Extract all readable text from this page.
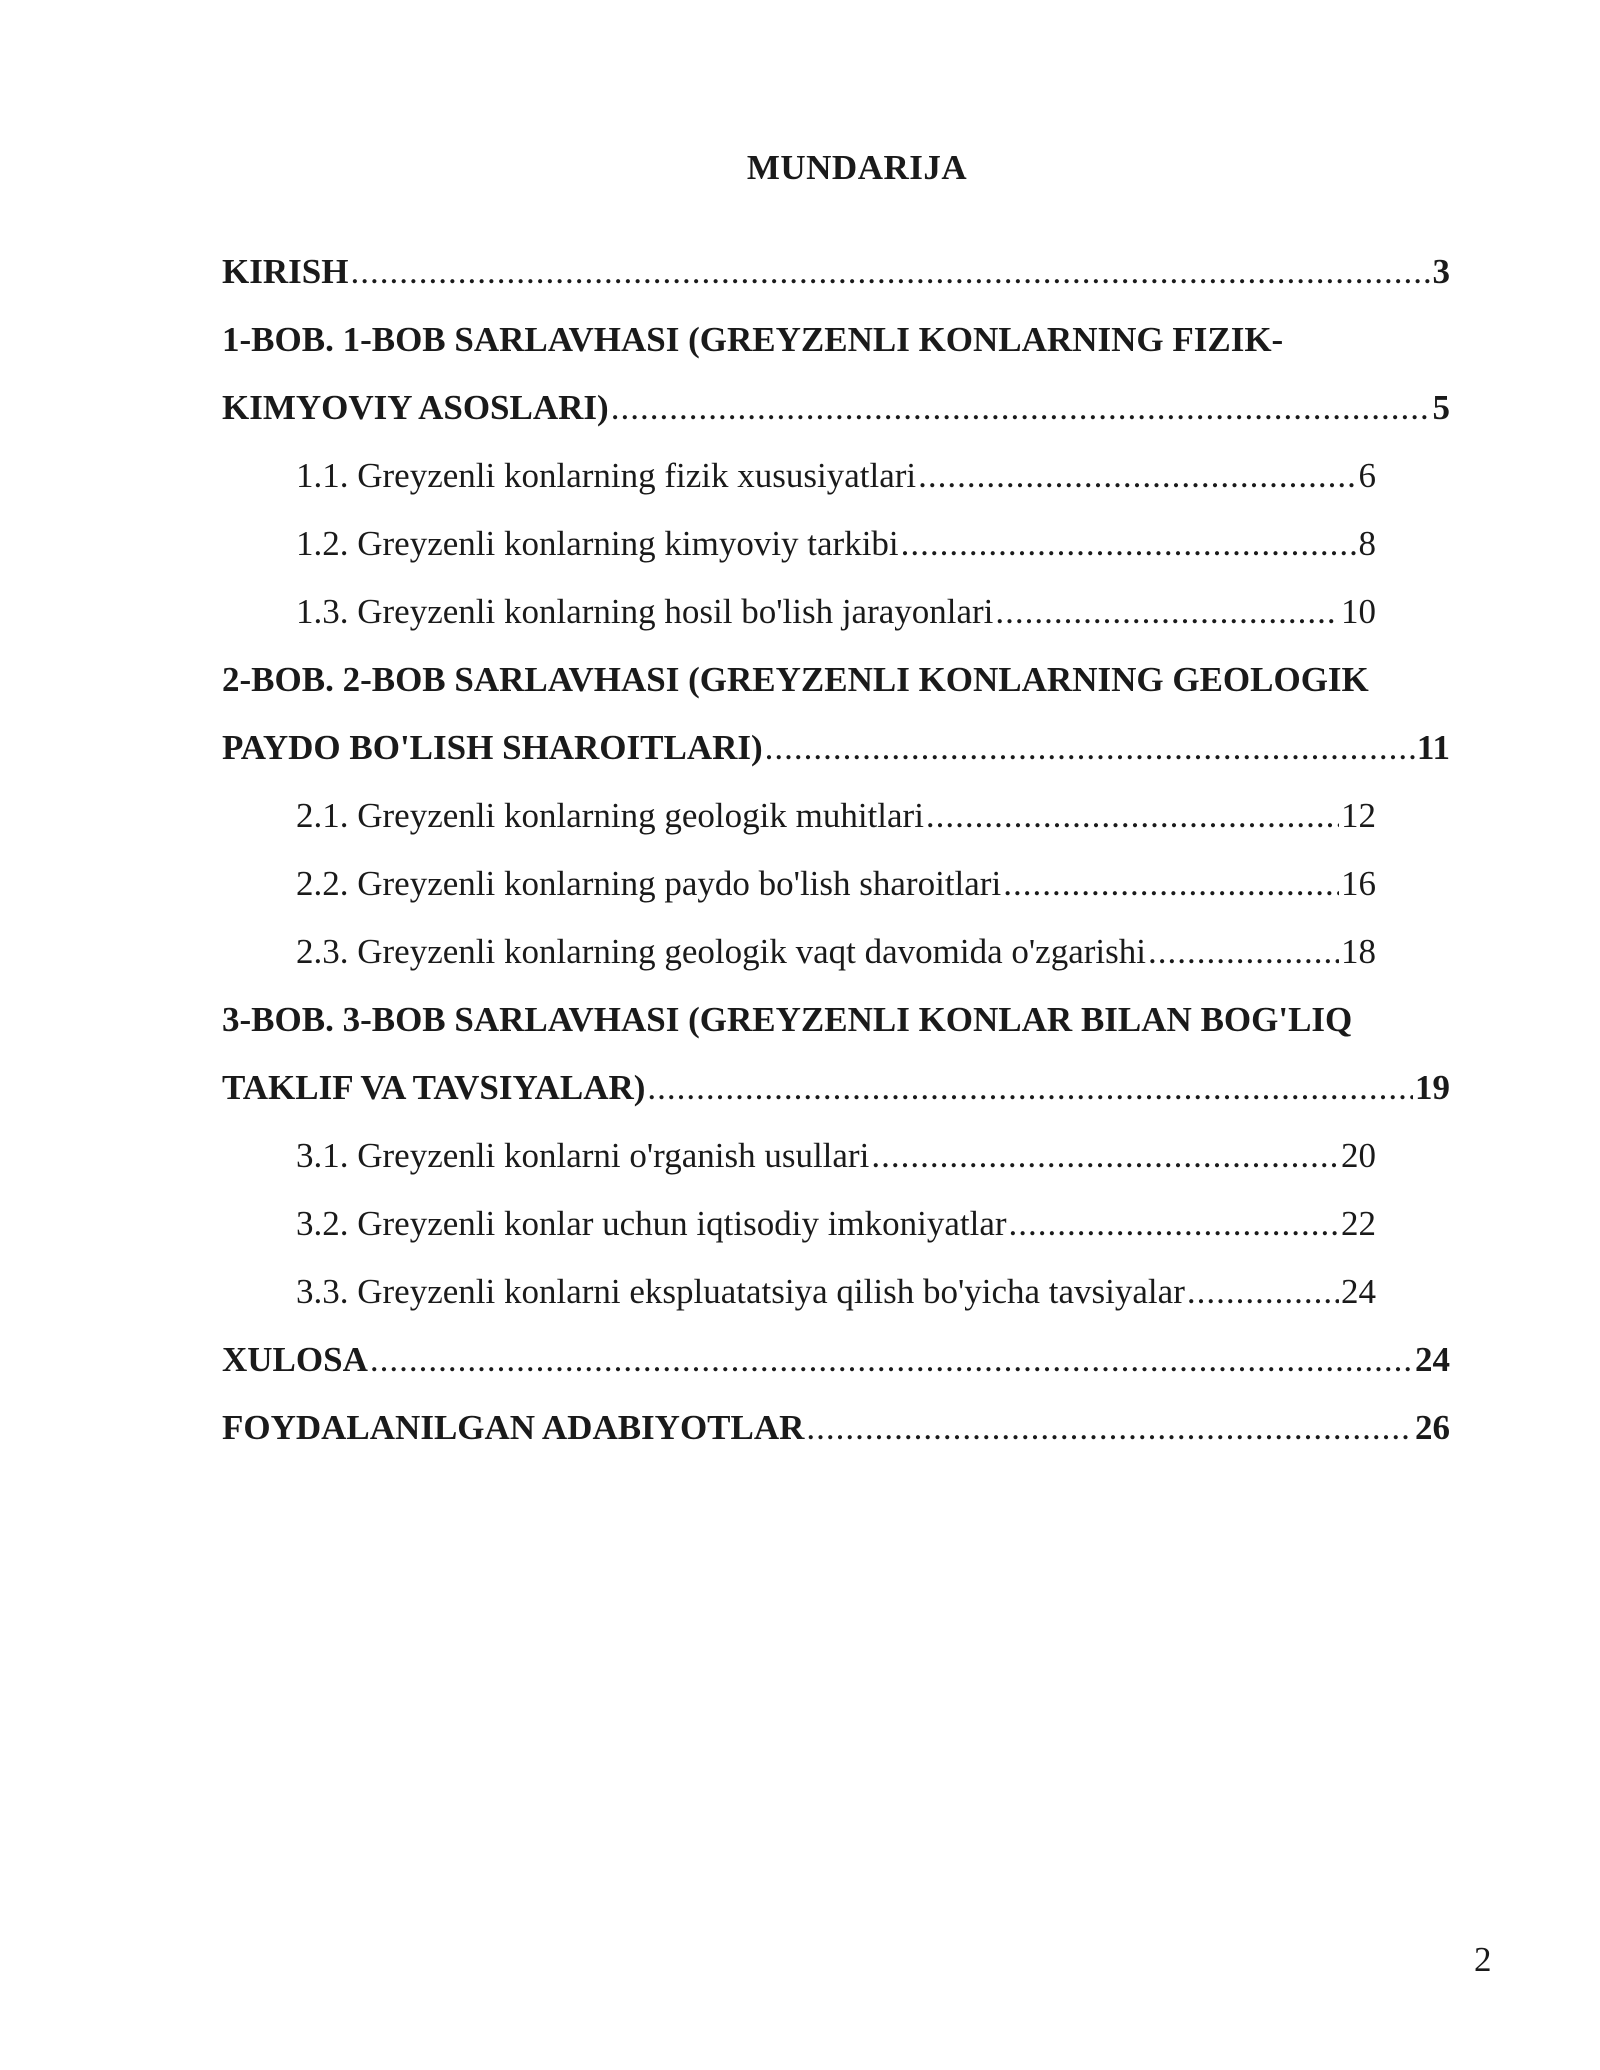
MUNDARIJA
KIRISH .....	3
1-BOB. 1-BOB SARLAVHASI (GREYZENLI KONLARNING FIZIK-
KIMYOVIY ASOSLARI) .....	5
1.1. Greyzenli konlarning fizik xususiyatlari .....	6
1.2. Greyzenli konlarning kimyoviy tarkibi .....	8
1.3. Greyzenli konlarning hosil bo'lish jarayonlari .....	10
2-BOB. 2-BOB SARLAVHASI (GREYZENLI KONLARNING GEOLOGIK
PAYDO BO'LISH SHAROITLARI) .....	11
2.1. Greyzenli konlarning geologik muhitlari .....	12
2.2. Greyzenli konlarning paydo bo'lish sharoitlari .....	16
2.3. Greyzenli konlarning geologik vaqt davomida o'zgarishi .....	18
3-BOB. 3-BOB SARLAVHASI (GREYZENLI KONLAR BILAN BOG'LIQ
TAKLIF VA TAVSIYALAR) .....	19
3.1. Greyzenli konlarni o'rganish usullari .....	20
3.2. Greyzenli konlar uchun iqtisodiy imkoniyatlar .....	22
3.3. Greyzenli konlarni ekspluatatsiya qilish bo'yicha tavsiyalar .....	24
XULOSA .....	24
FOYDALANILGAN ADABIYOTLAR .....	26
2
